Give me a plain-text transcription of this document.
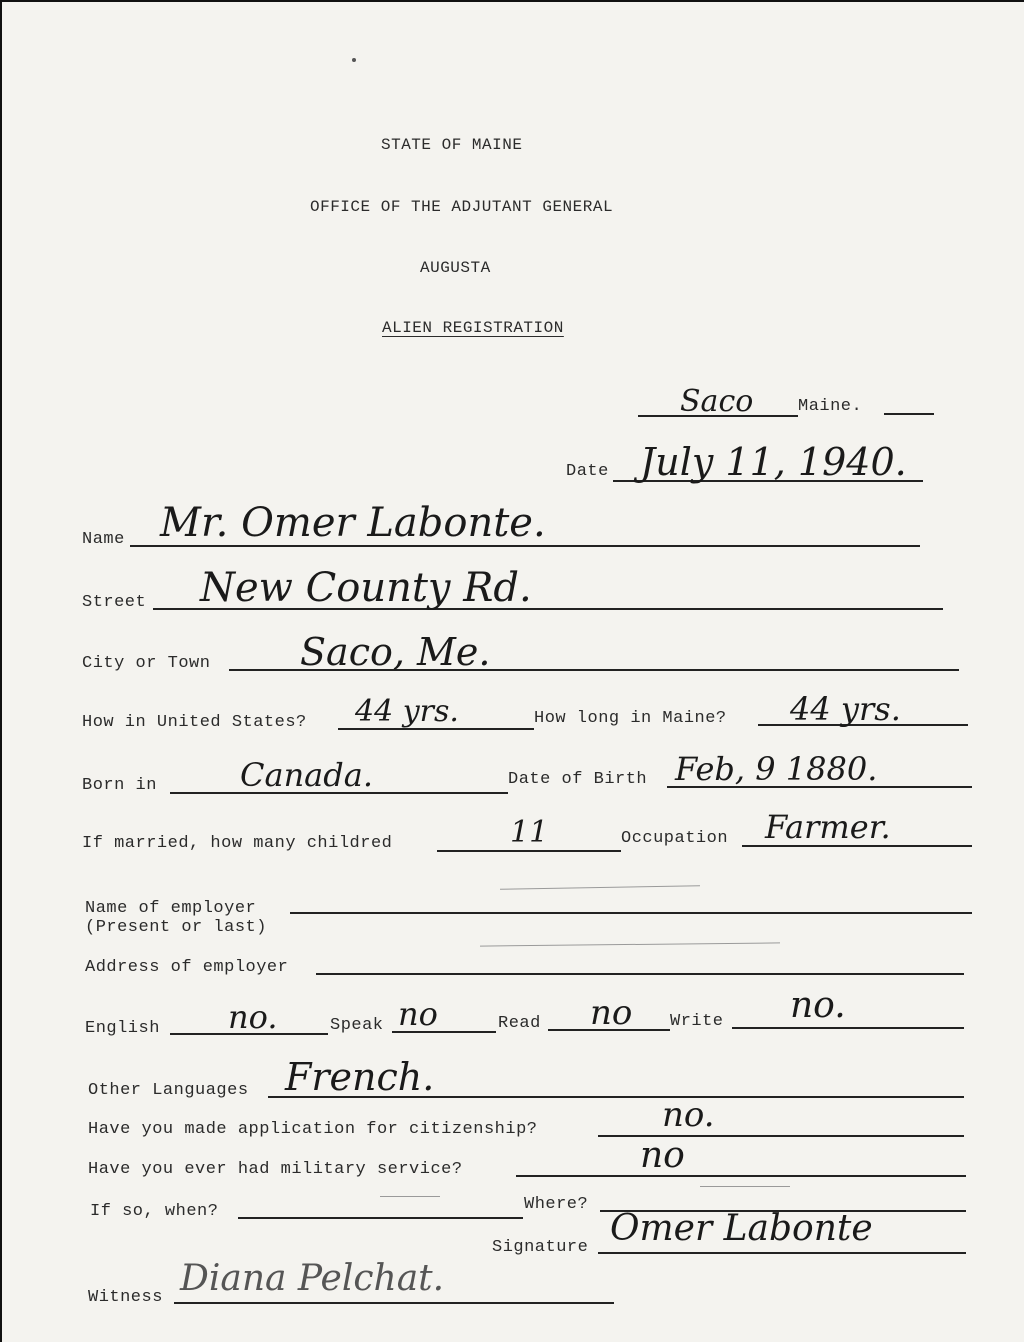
STATE OF MAINE
OFFICE OF THE ADJUTANT GENERAL
AUGUSTA
ALIEN REGISTRATION
Saco	Maine.
Date July 11, 1940.
Name Mr. Omer Labonte.
Street New County Rd.
City or Town Saco, Me.
How in United States? 44 yrs.	How long in Maine? 44 yrs.
Born in	Canada.	Date of Birth Feb, 9 1880.
If married, how many childred	11	Occupation Farmer.
Name of employer
(Present or last)
Address of employer
English no.	Speak no	Read no Write no.
Other Languages French.
Have you made application for citizenship?	no.
Have you ever had military service?	no
If so, when?	Where?
Signature Omer Labonte
Witness Diana Pelchat.
